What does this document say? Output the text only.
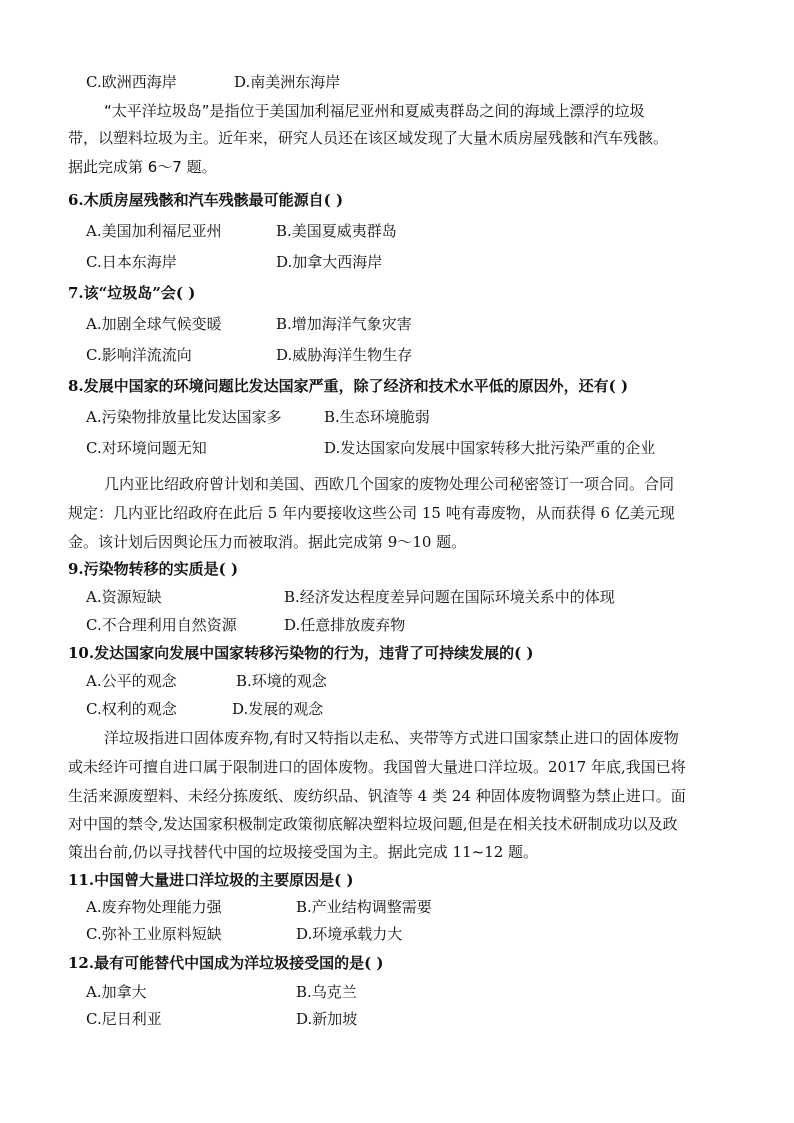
C.欧洲西海岸	D.南美洲东海岸
“太平洋垃圾岛”是指位于美国加利福尼亚州和夏威夷群岛之间的海域上漂浮的垃圾
带，以塑料垃圾为主。近年来，研究人员还在该区域发现了大量木质房屋残骸和汽车残骸。
据此完成第 6～7 题。
6.木质房屋残骸和汽车残骸最可能源自( )
A.美国加利福尼亚州	B.美国夏威夷群岛
C.日本东海岸	D.加拿大西海岸
7.该“垃圾岛”会( )
A.加剧全球气候变暖	B.增加海洋气象灾害
C.影响洋流流向	D.威胁海洋生物生存
8.发展中国家的环境问题比发达国家严重，除了经济和技术水平低的原因外，还有( )
A.污染物排放量比发达国家多	B.生态环境脆弱
C.对环境问题无知	D.发达国家向发展中国家转移大批污染严重的企业
几内亚比绍政府曾计划和美国、西欧几个国家的废物处理公司秘密签订一项合同。合同
规定：几内亚比绍政府在此后 5 年内要接收这些公司 15 吨有毒废物，从而获得 6 亿美元现
金。该计划后因舆论压力而被取消。据此完成第 9～10 题。
9.污染物转移的实质是( )
A.资源短缺	B.经济发达程度差异问题在国际环境关系中的体现
C.不合理利用自然资源	D.任意排放废弃物
10.发达国家向发展中国家转移污染物的行为，违背了可持续发展的( )
A.公平的观念	B.环境的观念
C.权利的观念	D.发展的观念
洋垃圾指进口固体废弃物,有时又特指以走私、夹带等方式进口国家禁止进口的固体废物
或未经许可擅自进口属于限制进口的固体废物。我国曾大量进口洋垃圾。2017 年底,我国已将
生活来源废塑料、未经分拣废纸、废纺织品、钒渣等 4 类 24 种固体废物调整为禁止进口。面
对中国的禁令,发达国家积极制定政策彻底解决塑料垃圾问题,但是在相关技术研制成功以及政
策出台前,仍以寻找替代中国的垃圾接受国为主。据此完成 11~12 题。
11.中国曾大量进口洋垃圾的主要原因是( )
A.废弃物处理能力强	B.产业结构调整需要
C.弥补工业原料短缺	D.环境承载力大
12.最有可能替代中国成为洋垃圾接受国的是( )
A.加拿大	B.乌克兰
C.尼日利亚	D.新加坡
